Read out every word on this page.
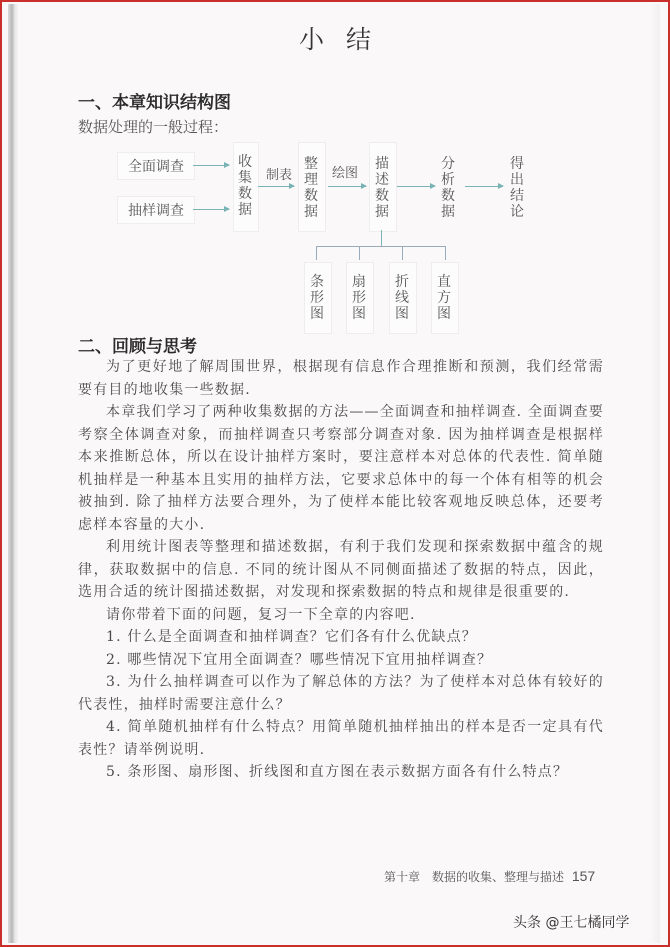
小结
一、本章知识结构图
数据处理的一般过程：
全面调查
抽样调查
收集数据
制表
整理数据
绘图
描述数据
分析数据
得出结论
条形图
扇形图
折线图
直方图
二、回顾与思考

为了更好地了解周围世界，根据现有信息作合理推断和预测，我们经常需要有目的地收集一些数据.

本章我们学习了两种收集数据的方法——全面调查和抽样调查. 全面调查要考察全体调查对象，而抽样调查只考察部分调查对象. 因为抽样调查是根据样本来推断总体，所以在设计抽样方案时，要注意样本对总体的代表性. 简单随机抽样是一种基本且实用的抽样方法，它要求总体中的每一个体有相等的机会被抽到. 除了抽样方法要合理外，为了使样本能比较客观地反映总体，还要考虑样本容量的大小.

利用统计图表等整理和描述数据，有利于我们发现和探索数据中蕴含的规律，获取数据中的信息. 不同的统计图从不同侧面描述了数据的特点，因此，选用合适的统计图描述数据，对发现和探索数据的特点和规律是很重要的.

请你带着下面的问题，复习一下全章的内容吧.

1. 什么是全面调查和抽样调查？它们各有什么优缺点？

2. 哪些情况下宜用全面调查？哪些情况下宜用抽样调查？

3. 为什么抽样调查可以作为了解总体的方法？为了使样本对总体有较好的代表性，抽样时需要注意什么？

4. 简单随机抽样有什么特点？用简单随机抽样抽出的样本是否一定具有代表性？请举例说明.

5. 条形图、扇形图、折线图和直方图在表示数据方面各有什么特点？

第十章　数据的收集、整理与描述 157
头条 @王七橘同学
